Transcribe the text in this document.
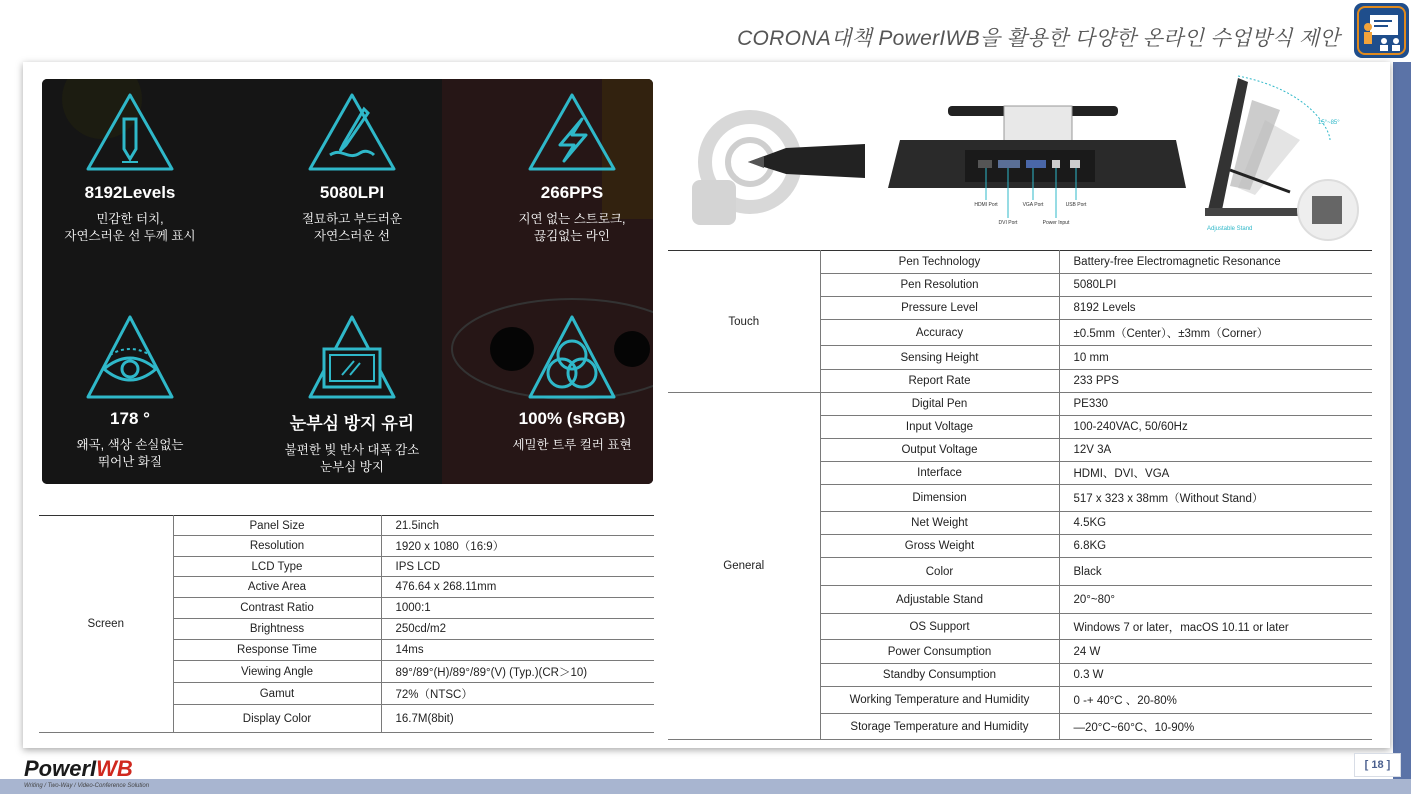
CORONA대책 PowerIWB을 활용한 다양한 온라인 수업방식 제안
8192Levels
민감한 터치,
자연스러운 선 두께 표시
5080LPI
절묘하고 부드러운
자연스러운 선
266PPS
지연 없는 스트로크,
끊김없는 라인
178 °
왜곡, 색상 손실없는
뛰어난 화질
눈부심 방지 유리
불편한 빛 반사 대폭 감소
눈부심 방지
100% (sRGB)
세밀한 트루 컬러 표현
HDMI Port
DVI Port
VGA Port
Power Input
USB Port
15°~85°
Adjustable Stand
Screen	Panel Size	21.5inch
	Resolution	1920 x 1080（16:9）
	LCD Type	IPS LCD
	Active Area	476.64 x 268.11mm
	Contrast Ratio	1000:1
	Brightness	250cd/m2
	Response Time	14ms
	Viewing Angle	89°/89°(H)/89°/89°(V) (Typ.)(CR＞10)
	Gamut	72%（NTSC）
	Display Color	16.7M(8bit)
Touch	Pen Technology	Battery-free Electromagnetic Resonance
	Pen Resolution	5080LPI
	Pressure Level	8192 Levels
	Accuracy	±0.5mm（Center）、±3mm（Corner）
	Sensing Height	10 mm
	Report Rate	233 PPS
General	Digital Pen	PE330
	Input Voltage	100-240VAC, 50/60Hz
	Output Voltage	12V 3A
	Interface	HDMI、DVI、VGA
	Dimension	517 x 323 x 38mm（Without Stand）
	Net Weight	4.5KG
	Gross Weight	6.8KG
	Color	Black
	Adjustable Stand	20°~80°
	OS Support	Windows 7 or later，macOS 10.11 or later
	Power Consumption	24 W
	Standby Consumption	0.3 W
	Working Temperature and Humidity	0 -+ 40°C 、20-80%
	Storage Temperature and Humidity	—20°C~60°C、10-90%
PowerIWB
Writing / Two-Way / Video-Conference Solution
[ 18 ]
